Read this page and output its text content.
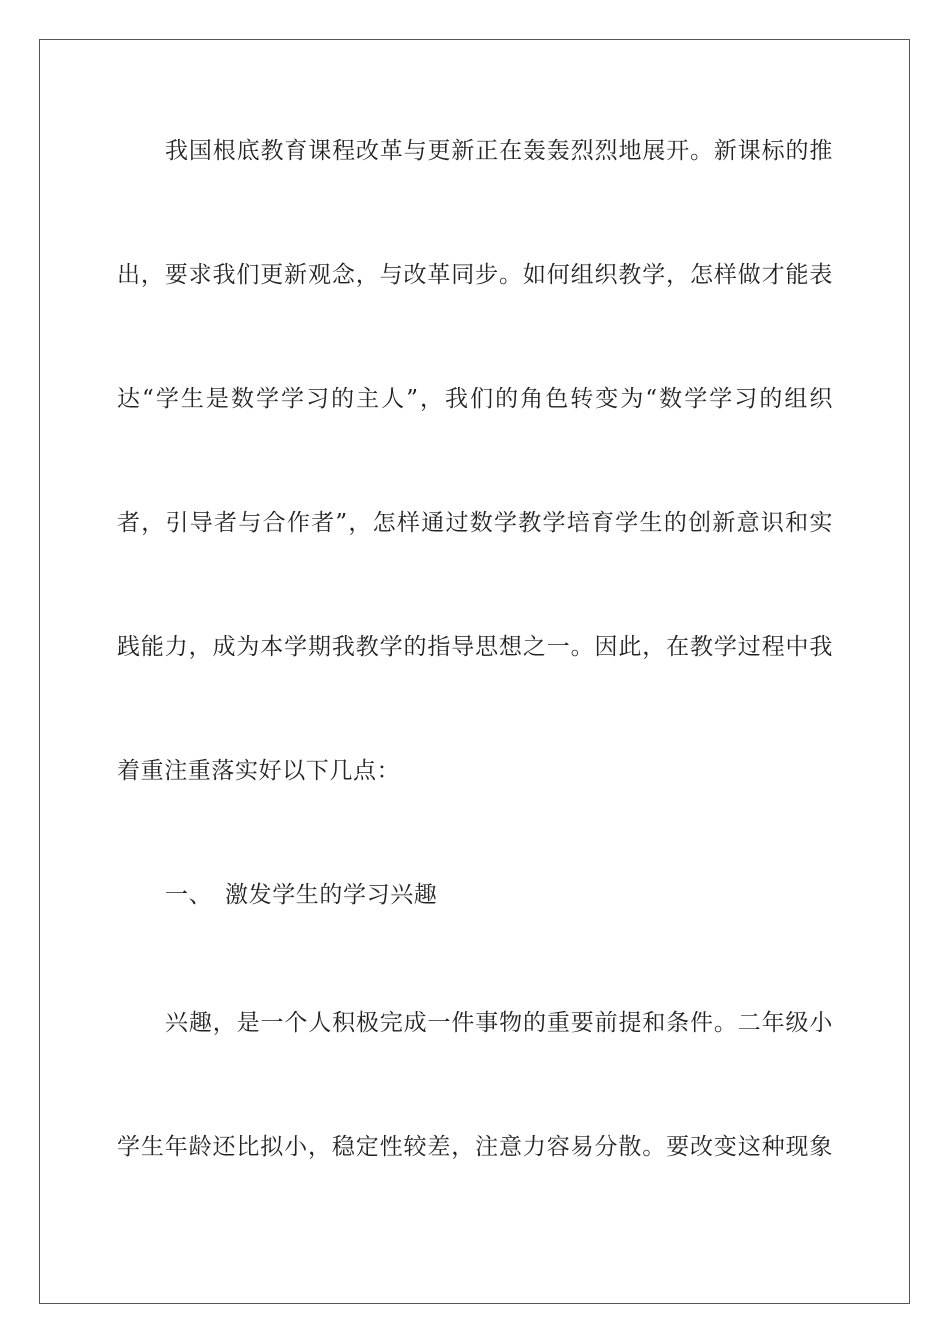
我国根底教育课程改革与更新正在轰轰烈烈地展开。新课标的推
出，要求我们更新观念，与改革同步。如何组织教学，怎样做才能表
达“学生是数学学习的主人”，我们的角色转变为“数学学习的组织
者，引导者与合作者”，怎样通过数学教学培育学生的创新意识和实
践能力，成为本学期我教学的指导思想之一。因此，在教学过程中我
着重注重落实好以下几点：
一、 激发学生的学习兴趣
兴趣，是一个人积极完成一件事物的重要前提和条件。二年级小
学生年龄还比拟小，稳定性较差，注意力容易分散。要改变这种现象
